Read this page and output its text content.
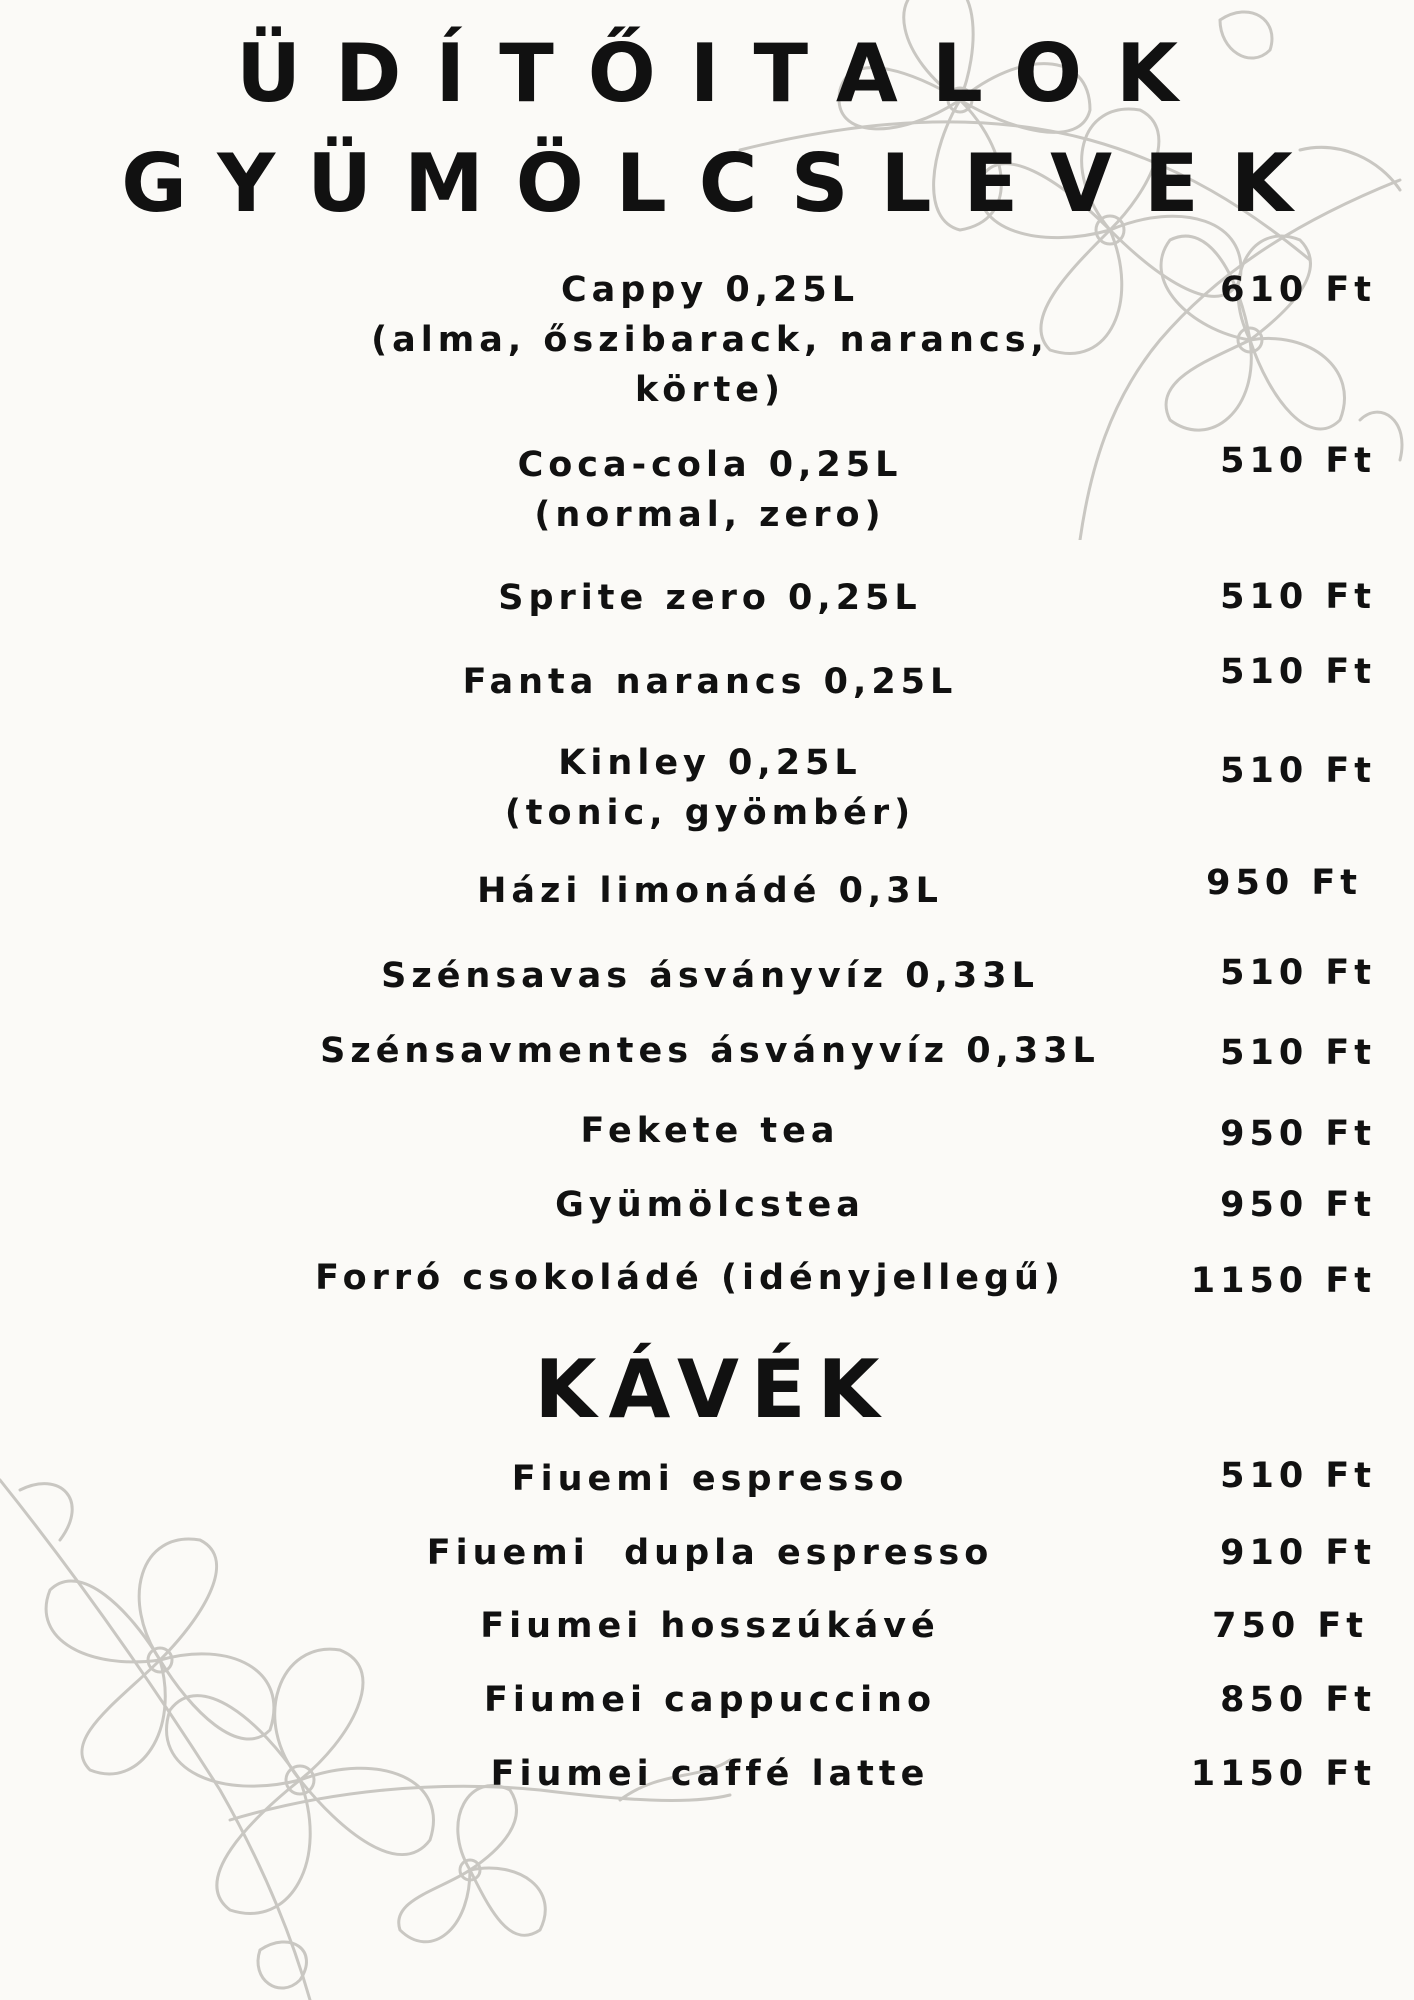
ÜDÍTŐITALOK
GYÜMÖLCSLEVEK
Cappy 0,25L
(alma, őszibarack, narancs,
körte)
610 Ft
Coca-cola 0,25L
(normal, zero)
510 Ft
Sprite zero 0,25L	510 Ft
Fanta narancs 0,25L	510 Ft
Kinley 0,25L
(tonic, gyömbér)
510 Ft
Házi limonádé 0,3L	950 Ft
Szénsavas ásványvíz 0,33L	510 Ft
Szénsavmentes ásványvíz 0,33L	510 Ft
Fekete tea	950 Ft
Gyümölcstea	950 Ft
Forró csokoládé (idényjellegű)	1150 Ft
KÁVÉK
Fiuemi espresso	510 Ft
Fiuemi  dupla espresso	910 Ft
Fiumei hosszúkávé	750 Ft
Fiumei cappuccino	850 Ft
Fiumei caffé latte	1150 Ft
